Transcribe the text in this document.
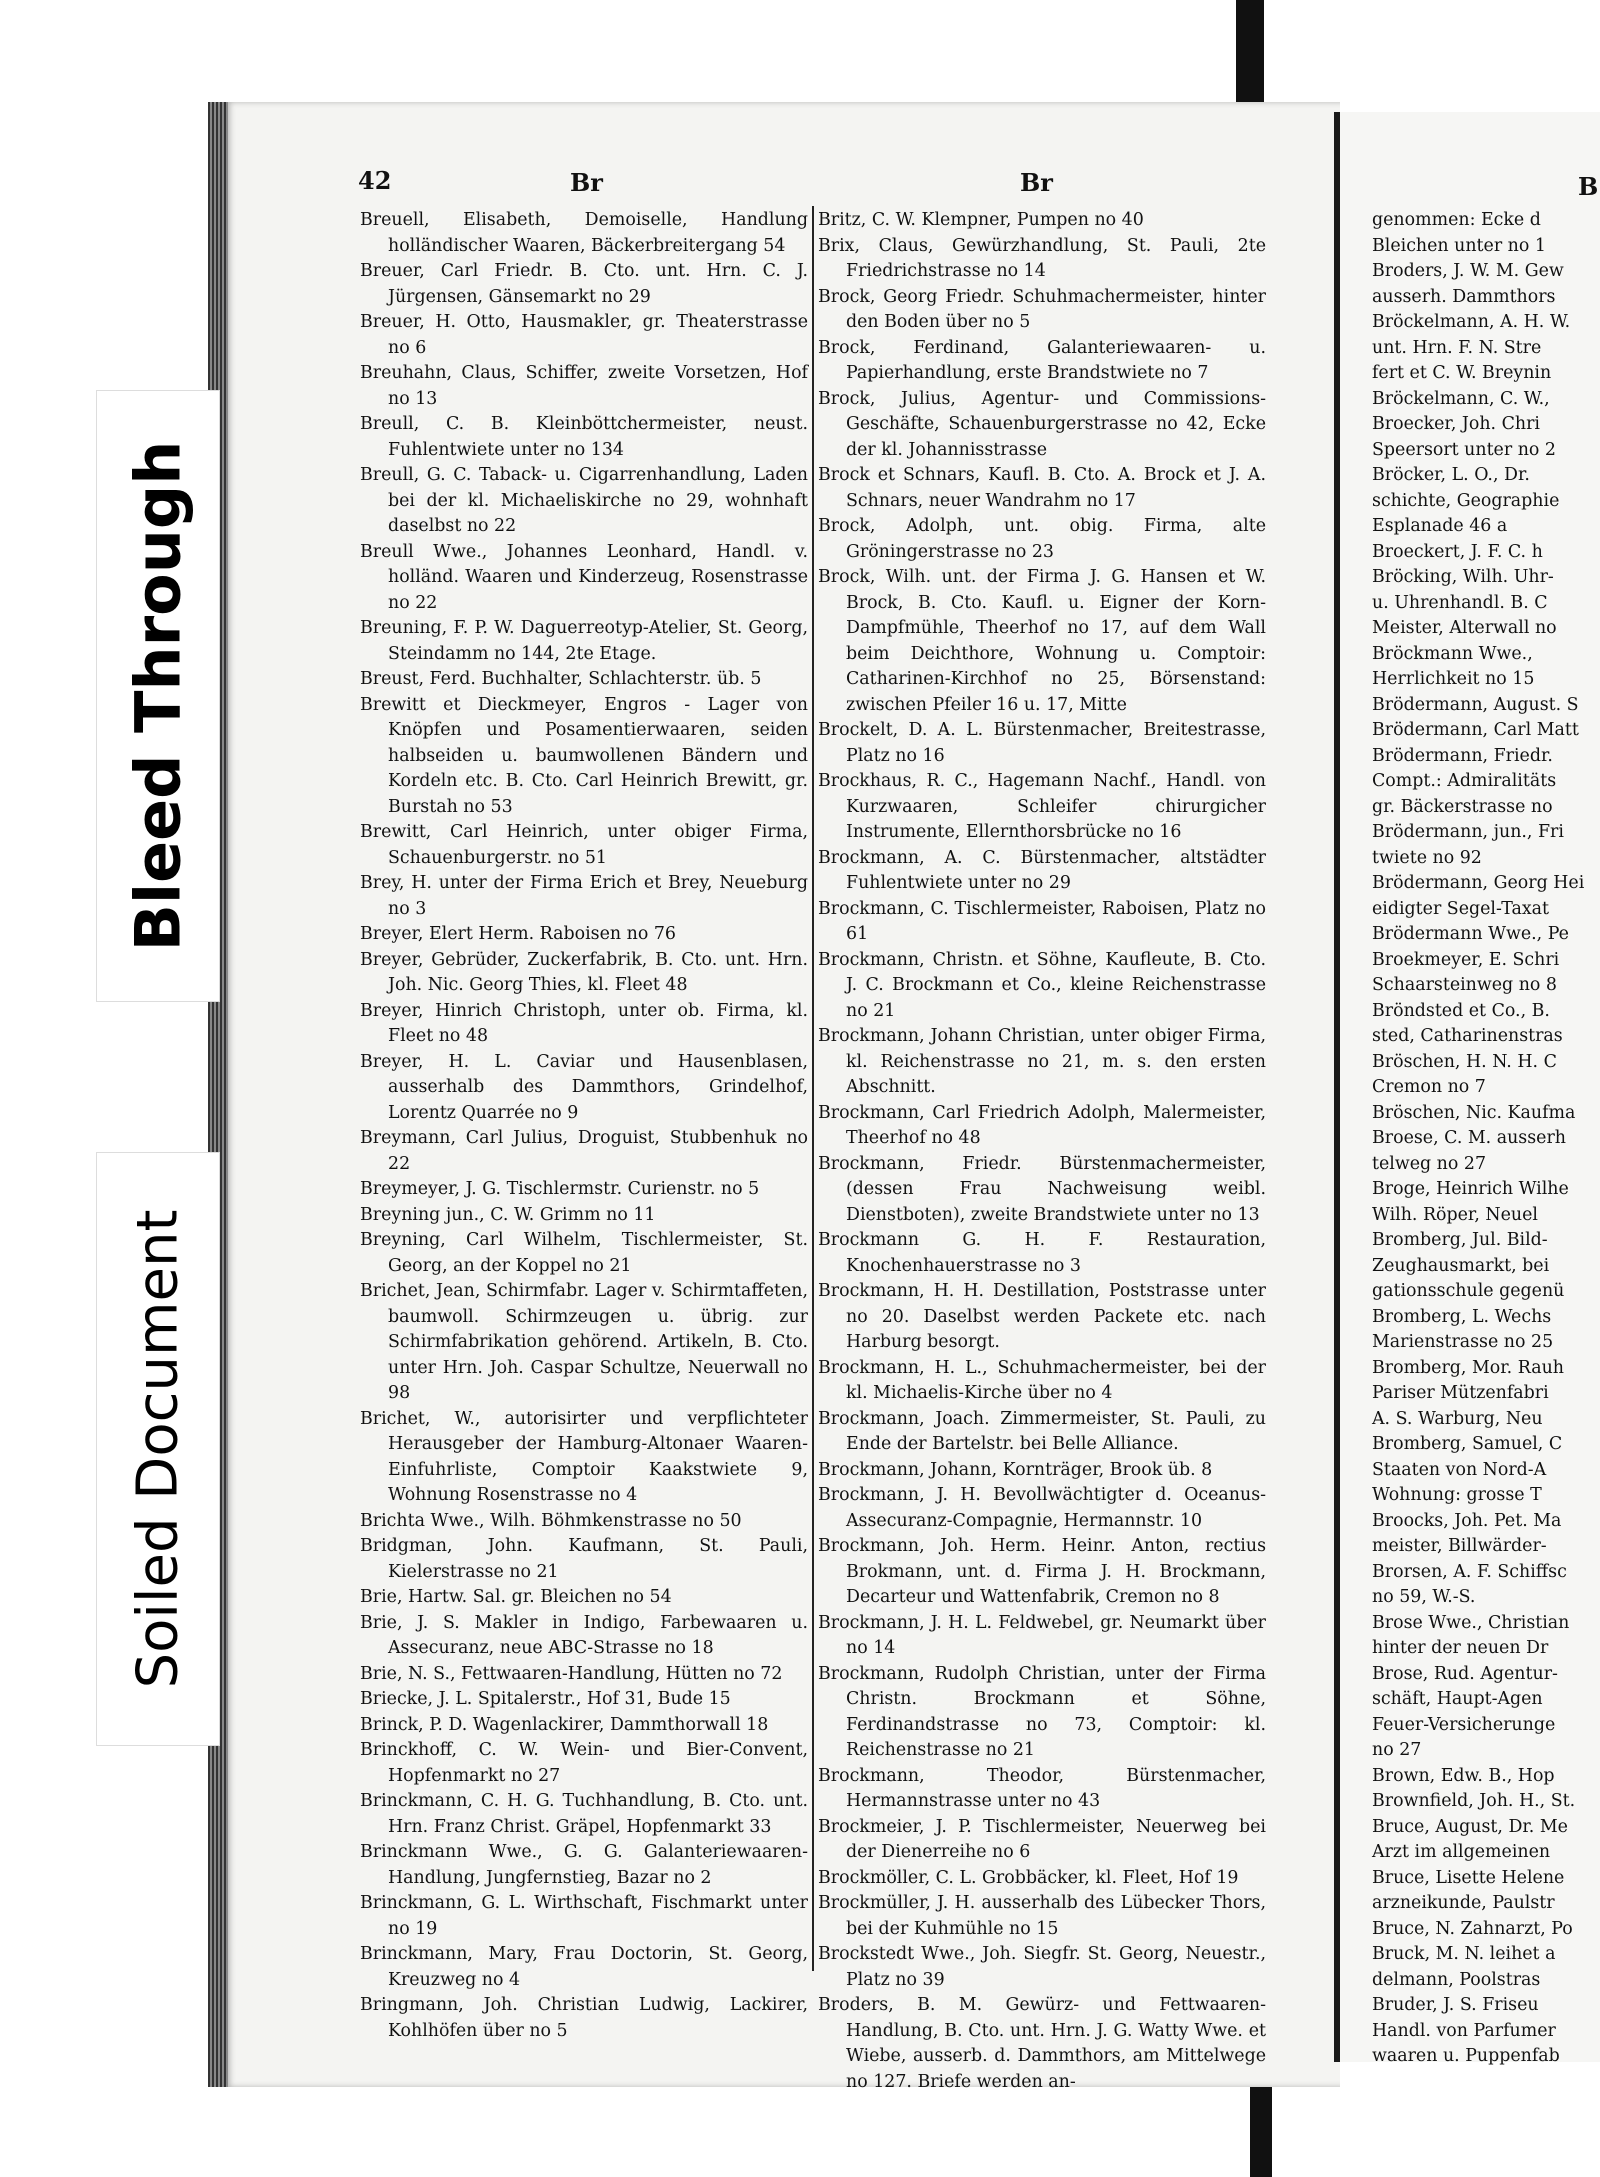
Bleed Through
Soiled Document
42	Br	Br	B

Breuell, Elisabeth, Demoiselle, Handlung holländischer Waaren, Bäckerbreitergang 54

Breuer, Carl Friedr. B. Cto. unt. Hrn. C. J. Jürgensen, Gänsemarkt no 29

Breuer, H. Otto, Hausmakler, gr. Theaterstrasse no 6

Breuhahn, Claus, Schiffer, zweite Vorsetzen, Hof no 13

Breull, C. B. Kleinböttchermeister, neust. Fuhlentwiete unter no 134

Breull, G. C. Taback- u. Cigarrenhandlung, Laden bei der kl. Michaeliskirche no 29, wohnhaft daselbst no 22

Breull Wwe., Johannes Leonhard, Handl. v. holländ. Waaren und Kinderzeug, Rosenstrasse no 22

Breuning, F. P. W. Daguerreotyp-Atelier, St. Georg, Steindamm no 144, 2te Etage.

Breust, Ferd. Buchhalter, Schlachterstr. üb. 5

Brewitt et Dieckmeyer, Engros - Lager von Knöpfen und Posamentierwaaren, seiden halbseiden u. baumwollenen Bändern und Kordeln etc. B. Cto. Carl Heinrich Brewitt, gr. Burstah no 53

Brewitt, Carl Heinrich, unter obiger Firma, Schauenburgerstr. no 51

Brey, H. unter der Firma Erich et Brey, Neueburg no 3

Breyer, Elert Herm. Raboisen no 76

Breyer, Gebrüder, Zuckerfabrik, B. Cto. unt. Hrn. Joh. Nic. Georg Thies, kl. Fleet 48

Breyer, Hinrich Christoph, unter ob. Firma, kl. Fleet no 48

Breyer, H. L. Caviar und Hausenblasen, ausserhalb des Dammthors, Grindelhof, Lorentz Quarrée no 9

Breymann, Carl Julius, Droguist, Stubbenhuk no 22

Breymeyer, J. G. Tischlermstr. Curienstr. no 5

Breyning jun., C. W. Grimm no 11

Breyning, Carl Wilhelm, Tischlermeister, St. Georg, an der Koppel no 21

Brichet, Jean, Schirmfabr. Lager v. Schirmtaffeten, baumwoll. Schirmzeugen u. übrig. zur Schirmfabrikation gehörend. Artikeln, B. Cto. unter Hrn. Joh. Caspar Schultze, Neuerwall no 98

Brichet, W., autorisirter und verpflichteter Herausgeber der Hamburg-Altonaer Waaren-Einfuhrliste, Comptoir Kaakstwiete 9, Wohnung Rosenstrasse no 4

Brichta Wwe., Wilh. Böhmkenstrasse no 50

Bridgman, John. Kaufmann, St. Pauli, Kielerstrasse no 21

Brie, Hartw. Sal. gr. Bleichen no 54

Brie, J. S. Makler in Indigo, Farbewaaren u. Assecuranz, neue ABC-Strasse no 18

Brie, N. S., Fettwaaren-Handlung, Hütten no 72

Briecke, J. L. Spitalerstr., Hof 31, Bude 15

Brinck, P. D. Wagenlackirer, Dammthorwall 18

Brinckhoff, C. W. Wein- und Bier-Convent, Hopfenmarkt no 27

Brinckmann, C. H. G. Tuchhandlung, B. Cto. unt. Hrn. Franz Christ. Gräpel, Hopfenmarkt 33

Brinckmann Wwe., G. G. Galanteriewaaren-Handlung, Jungfernstieg, Bazar no 2

Brinckmann, G. L. Wirthschaft, Fischmarkt unter no 19

Brinckmann, Mary, Frau Doctorin, St. Georg, Kreuzweg no 4

Bringmann, Joh. Christian Ludwig, Lackirer, Kohlhöfen über no 5

Britz, C. W. Klempner, Pumpen no 40

Brix, Claus, Gewürzhandlung, St. Pauli, 2te Friedrichstrasse no 14

Brock, Georg Friedr. Schuhmachermeister, hinter den Boden über no 5

Brock, Ferdinand, Galanteriewaaren- u. Papierhandlung, erste Brandstwiete no 7

Brock, Julius, Agentur- und Commissions-Geschäfte, Schauenburgerstrasse no 42, Ecke der kl. Johannisstrasse

Brock et Schnars, Kaufl. B. Cto. A. Brock et J. A. Schnars, neuer Wandrahm no 17

Brock, Adolph, unt. obig. Firma, alte Gröningerstrasse no 23

Brock, Wilh. unt. der Firma J. G. Hansen et W. Brock, B. Cto. Kaufl. u. Eigner der Korn-Dampfmühle, Theerhof no 17, auf dem Wall beim Deichthore, Wohnung u. Comptoir: Catharinen-Kirchhof no 25, Börsenstand: zwischen Pfeiler 16 u. 17, Mitte

Brockelt, D. A. L. Bürstenmacher, Breitestrasse, Platz no 16

Brockhaus, R. C., Hagemann Nachf., Handl. von Kurzwaaren, Schleifer chirurgicher Instrumente, Ellernthorsbrücke no 16

Brockmann, A. C. Bürstenmacher, altstädter Fuhlentwiete unter no 29

Brockmann, C. Tischlermeister, Raboisen, Platz no 61

Brockmann, Christn. et Söhne, Kaufleute, B. Cto. J. C. Brockmann et Co., kleine Reichenstrasse no 21

Brockmann, Johann Christian, unter obiger Firma, kl. Reichenstrasse no 21, m. s. den ersten Abschnitt.

Brockmann, Carl Friedrich Adolph, Malermeister, Theerhof no 48

Brockmann, Friedr. Bürstenmachermeister, (dessen Frau Nachweisung weibl. Dienstboten), zweite Brandstwiete unter no 13

Brockmann G. H. F. Restauration, Knochenhauerstrasse no 3

Brockmann, H. H. Destillation, Poststrasse unter no 20. Daselbst werden Packete etc. nach Harburg besorgt.

Brockmann, H. L., Schuhmachermeister, bei der kl. Michaelis-Kirche über no 4

Brockmann, Joach. Zimmermeister, St. Pauli, zu Ende der Bartelstr. bei Belle Alliance.

Brockmann, Johann, Kornträger, Brook üb. 8

Brockmann, J. H. Bevollwächtigter d. Oceanus-Assecuranz-Compagnie, Hermannstr. 10

Brockmann, Joh. Herm. Heinr. Anton, rectius Brokmann, unt. d. Firma J. H. Brockmann, Decarteur und Wattenfabrik, Cremon no 8

Brockmann, J. H. L. Feldwebel, gr. Neumarkt über no 14

Brockmann, Rudolph Christian, unter der Firma Christn. Brockmann et Söhne, Ferdinandstrasse no 73, Comptoir: kl. Reichenstrasse no 21

Brockmann, Theodor, Bürstenmacher, Hermannstrasse unter no 43

Brockmeier, J. P. Tischlermeister, Neuerweg bei der Dienerreihe no 6

Brockmöller, C. L. Grobbäcker, kl. Fleet, Hof 19

Brockmüller, J. H. ausserhalb des Lübecker Thors, bei der Kuhmühle no 15

Brockstedt Wwe., Joh. Siegfr. St. Georg, Neuestr., Platz no 39

Broders, B. M. Gewürz- und Fettwaaren-Handlung, B. Cto. unt. Hrn. J. G. Watty Wwe. et Wiebe, ausserb. d. Dammthors, am Mittelwege no 127. Briefe werden an-

genommen: Ecke d
Bleichen unter no 1
Broders, J. W. M. Gew
ausserh. Dammthors
Bröckelmann, A. H. W.
unt. Hrn. F. N. Stre
fert et C. W. Breynin
Bröckelmann, C. W.,
Broecker, Joh. Chri
Speersort unter no 2
Bröcker, L. O., Dr.
schichte, Geographie
Esplanade 46 a
Broeckert, J. F. C. h
Bröcking, Wilh. Uhr-
u. Uhrenhandl. B. C
Meister, Alterwall no
Bröckmann Wwe.,
Herrlichkeit no 15
Brödermann, August. S
Brödermann, Carl Matt
Brödermann, Friedr.
Compt.: Admiralitäts
gr. Bäckerstrasse no
Brödermann, jun., Fri
twiete no 92
Brödermann, Georg Hei
eidigter Segel-Taxat
Brödermann Wwe., Pe
Broekmeyer, E. Schri
Schaarsteinweg no 8
Bröndsted et Co., B.
sted, Catharinenstras
Bröschen, H. N. H. C
Cremon no 7
Bröschen, Nic. Kaufma
Broese, C. M. ausserh
telweg no 27
Broge, Heinrich Wilhe
Wilh. Röper, Neuel
Bromberg, Jul. Bild-
Zeughausmarkt, bei
gationsschule gegenü
Bromberg, L. Wechs
Marienstrasse no 25
Bromberg, Mor. Rauh
Pariser Mützenfabri
A. S. Warburg, Neu
Bromberg, Samuel, C
Staaten von Nord-A
Wohnung: grosse T
Broocks, Joh. Pet. Ma
meister, Billwärder-
Brorsen, A. F. Schiffsc
no 59, W.-S.
Brose Wwe., Christian
hinter der neuen Dr
Brose, Rud. Agentur-
schäft, Haupt-Agen
Feuer-Versicherunge
no 27
Brown, Edw. B., Hop
Brownfield, Joh. H., St.
Bruce, August, Dr. Me
Arzt im allgemeinen
Bruce, Lisette Helene
arzneikunde, Paulstr
Bruce, N. Zahnarzt, Po
Bruck, M. N. leihet a
delmann, Poolstras
Bruder, J. S. Friseu
Handl. von Parfumer
waaren u. Puppenfab
